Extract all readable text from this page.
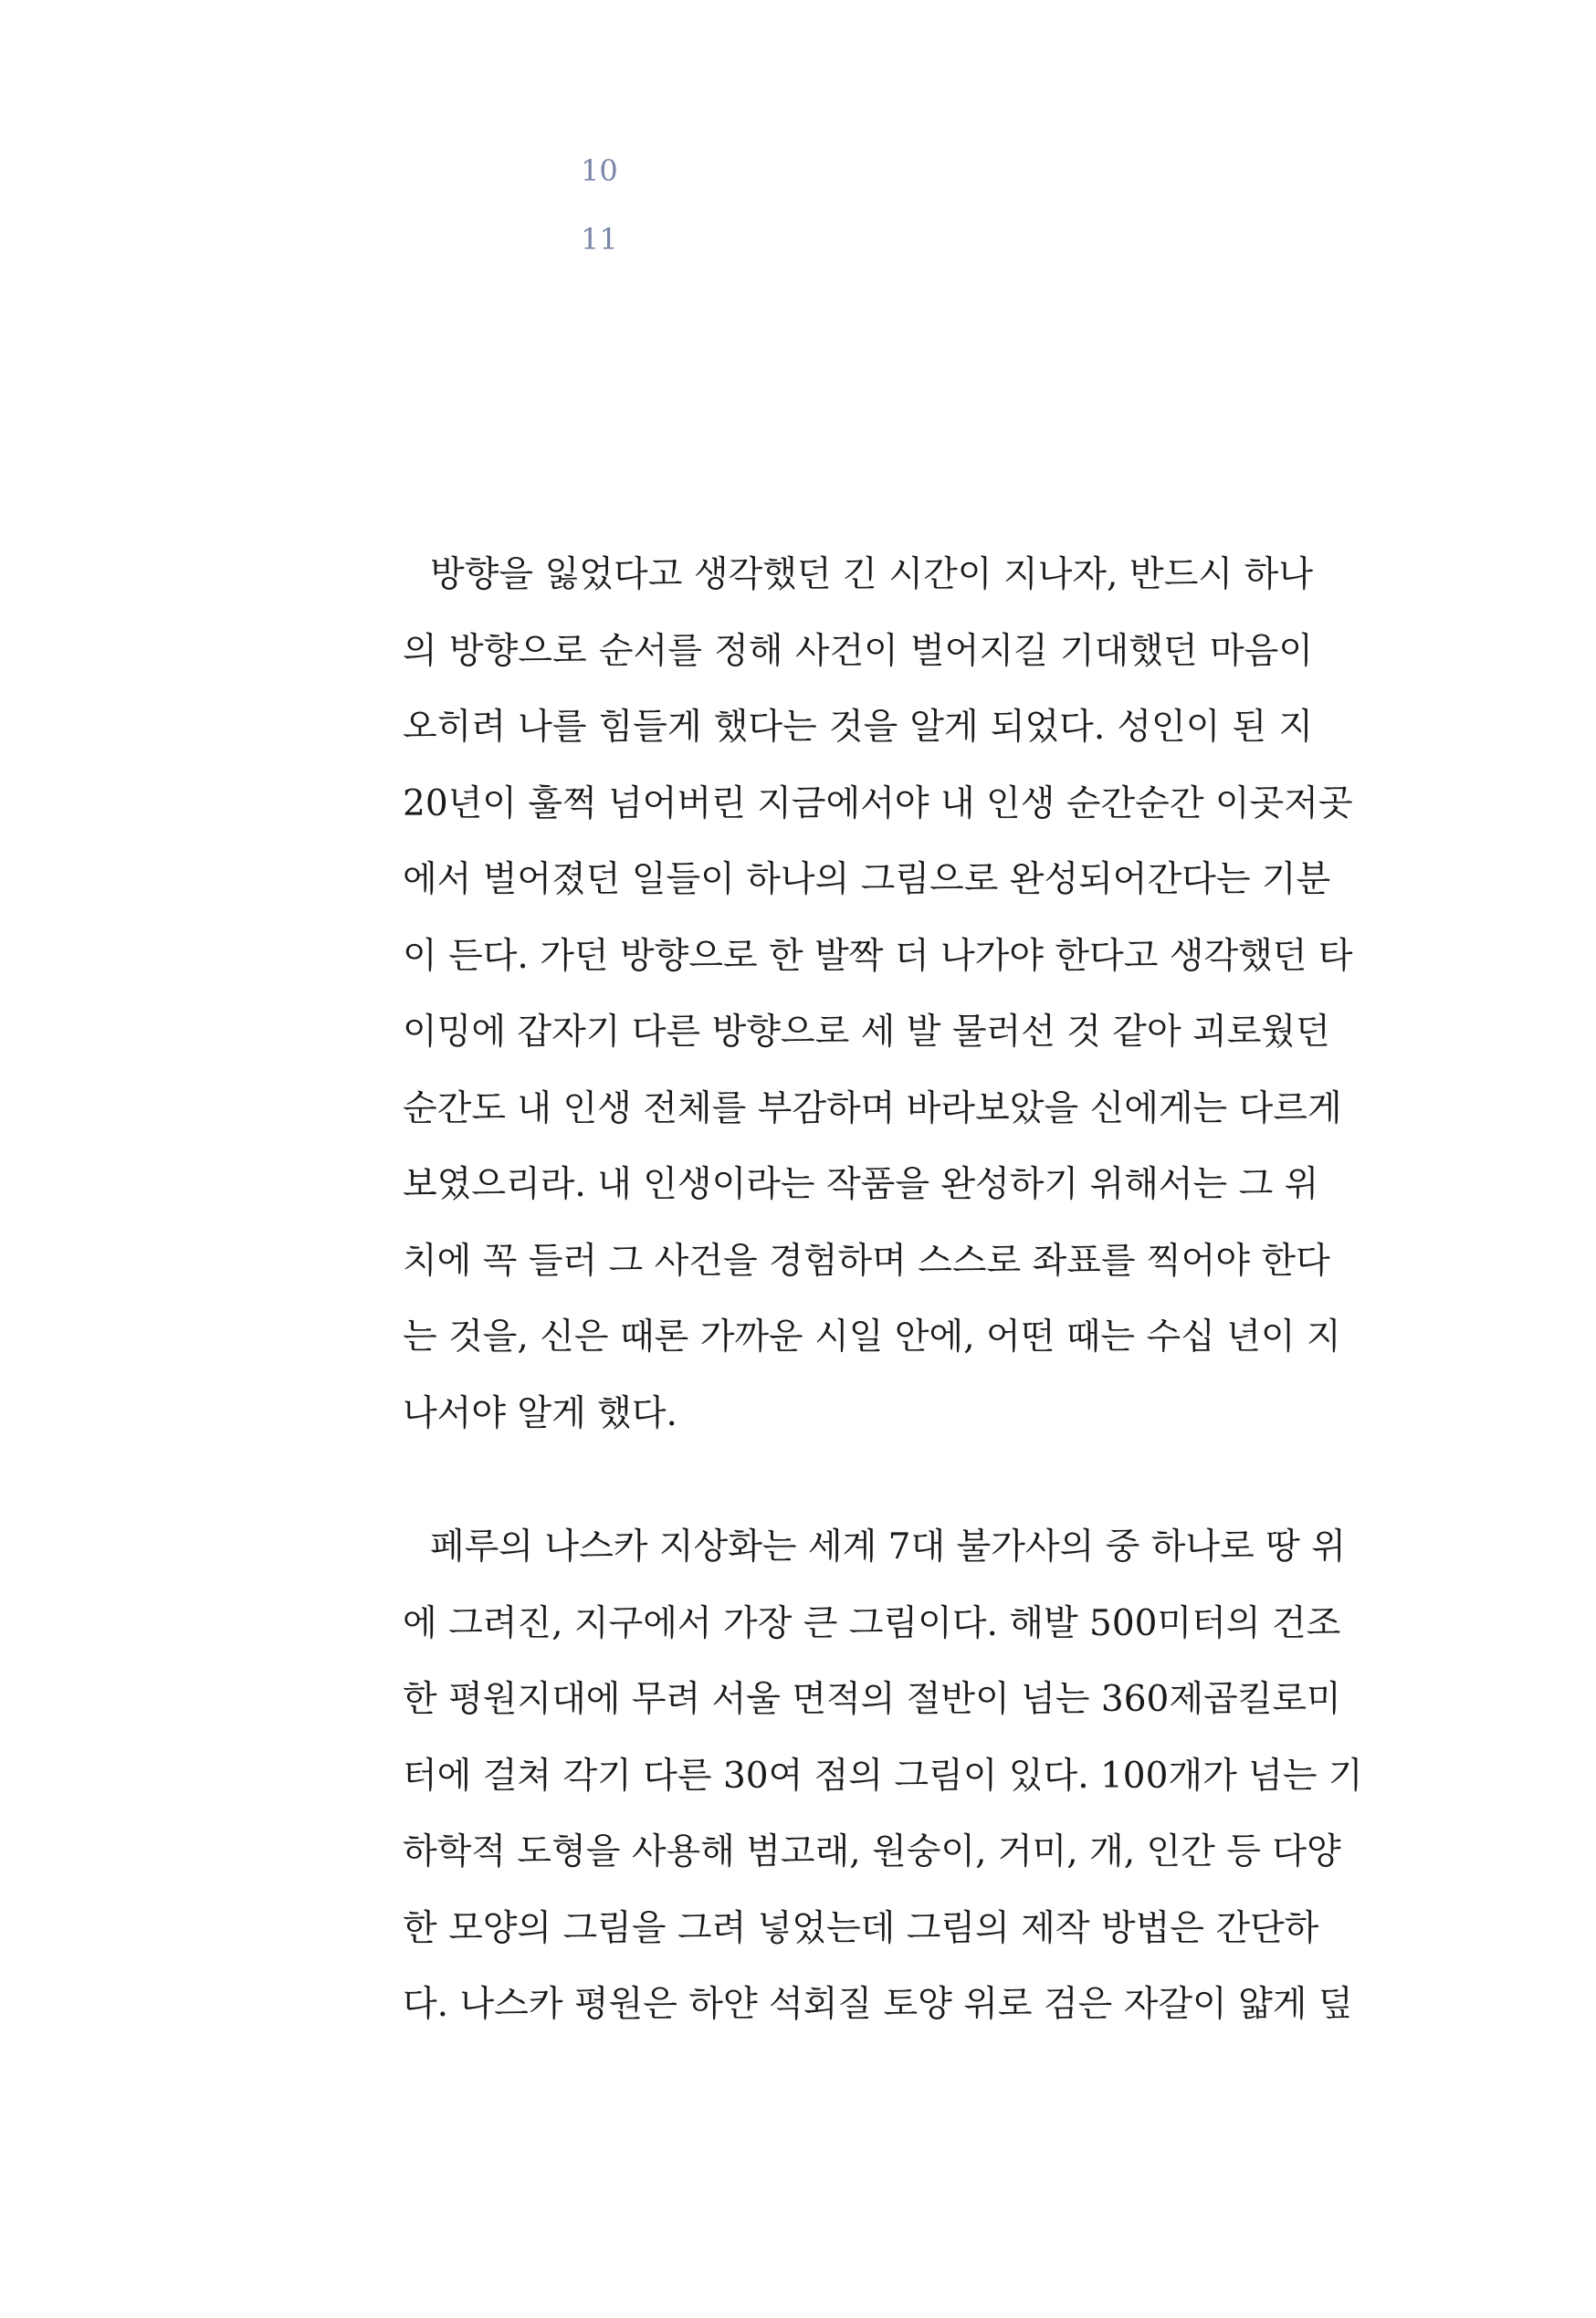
10
11
방향을 잃었다고 생각했던 긴 시간이 지나자, 반드시 하나
의 방향으로 순서를 정해 사건이 벌어지길 기대했던 마음이
오히려 나를 힘들게 했다는 것을 알게 되었다. 성인이 된 지
20년이 훌쩍 넘어버린 지금에서야 내 인생 순간순간 이곳저곳
에서 벌어졌던 일들이 하나의 그림으로 완성되어간다는 기분
이 든다. 가던 방향으로 한 발짝 더 나가야 한다고 생각했던 타
이밍에 갑자기 다른 방향으로 세 발 물러선 것 같아 괴로웠던
순간도 내 인생 전체를 부감하며 바라보았을 신에게는 다르게
보였으리라. 내 인생이라는 작품을 완성하기 위해서는 그 위
치에 꼭 들러 그 사건을 경험하며 스스로 좌표를 찍어야 한다
는 것을, 신은 때론 가까운 시일 안에, 어떤 때는 수십 년이 지
나서야 알게 했다.
페루의 나스카 지상화는 세계 7대 불가사의 중 하나로 땅 위
에 그려진, 지구에서 가장 큰 그림이다. 해발 500미터의 건조
한 평원지대에 무려 서울 면적의 절반이 넘는 360제곱킬로미
터에 걸쳐 각기 다른 30여 점의 그림이 있다. 100개가 넘는 기
하학적 도형을 사용해 범고래, 원숭이, 거미, 개, 인간 등 다양
한 모양의 그림을 그려 넣었는데 그림의 제작 방법은 간단하
다. 나스카 평원은 하얀 석회질 토양 위로 검은 자갈이 얇게 덮
